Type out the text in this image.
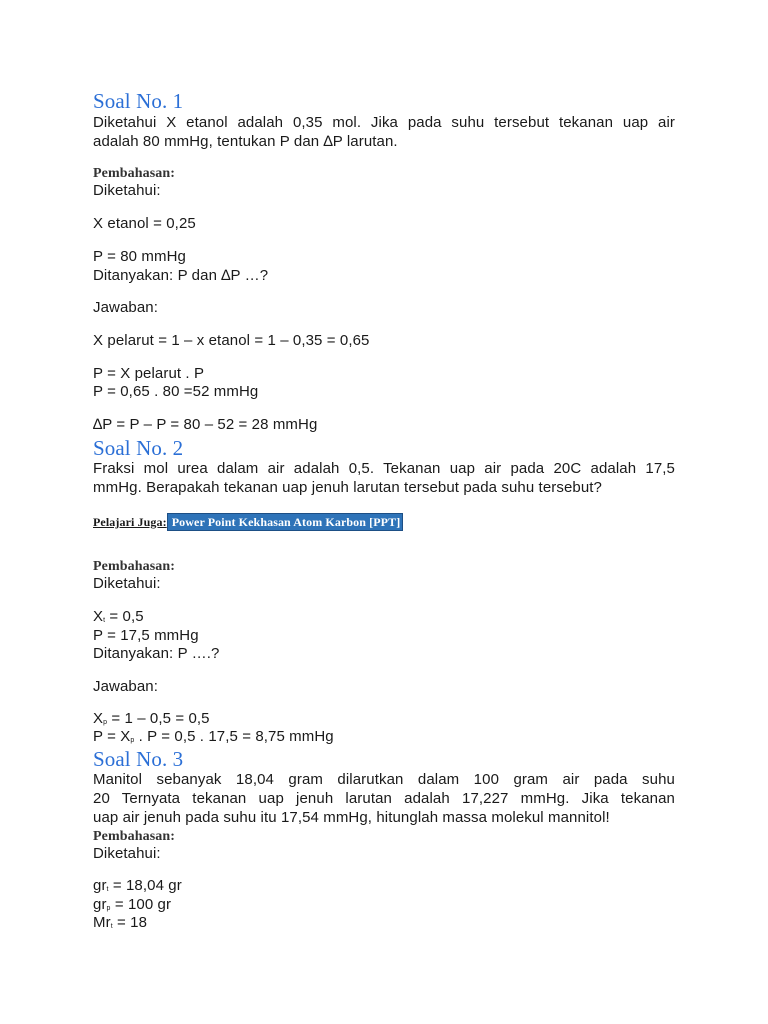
Soal No. 1
Diketahui X etanol adalah 0,35 mol. Jika pada suhu tersebut tekanan uap air
adalah 80 mmHg, tentukan P dan ∆P larutan.
Pembahasan:
Diketahui:
X etanol = 0,25
P = 80 mmHg
Ditanyakan: P dan ∆P …?
Jawaban:
X pelarut = 1 – x etanol = 1 – 0,35 = 0,65
P = X pelarut . P
P = 0,65 . 80 =52 mmHg
∆P = P – P = 80 – 52 = 28 mmHg
Soal No. 2
Fraksi mol urea dalam air adalah 0,5. Tekanan uap air pada 20C adalah 17,5
mmHg. Berapakah tekanan uap jenuh larutan tersebut pada suhu tersebut?
Pelajari Juga: Power Point Kekhasan Atom Karbon [PPT]
Pembahasan:
Diketahui:
$X_t = 0,5$
P = 17,5 mmHg
Ditanyakan: P ….?
Jawaban:
$X_p = 1 - 0,5 = 0,5$
$P = X_p$ . P = 0,5 . 17,5 = 8,75 mmHg
Soal No. 3
Manitol sebanyak 18,04 gram dilarutkan dalam 100 gram air pada suhu
20 Ternyata tekanan uap jenuh larutan adalah 17,227 mmHg. Jika tekanan
uap air jenuh pada suhu itu 17,54 mmHg, hitunglah massa molekul mannitol!
Pembahasan:
Diketahui:
$gr_t = 18,04$ gr
$gr_p = 100$ gr
$Mr_t = 18$
